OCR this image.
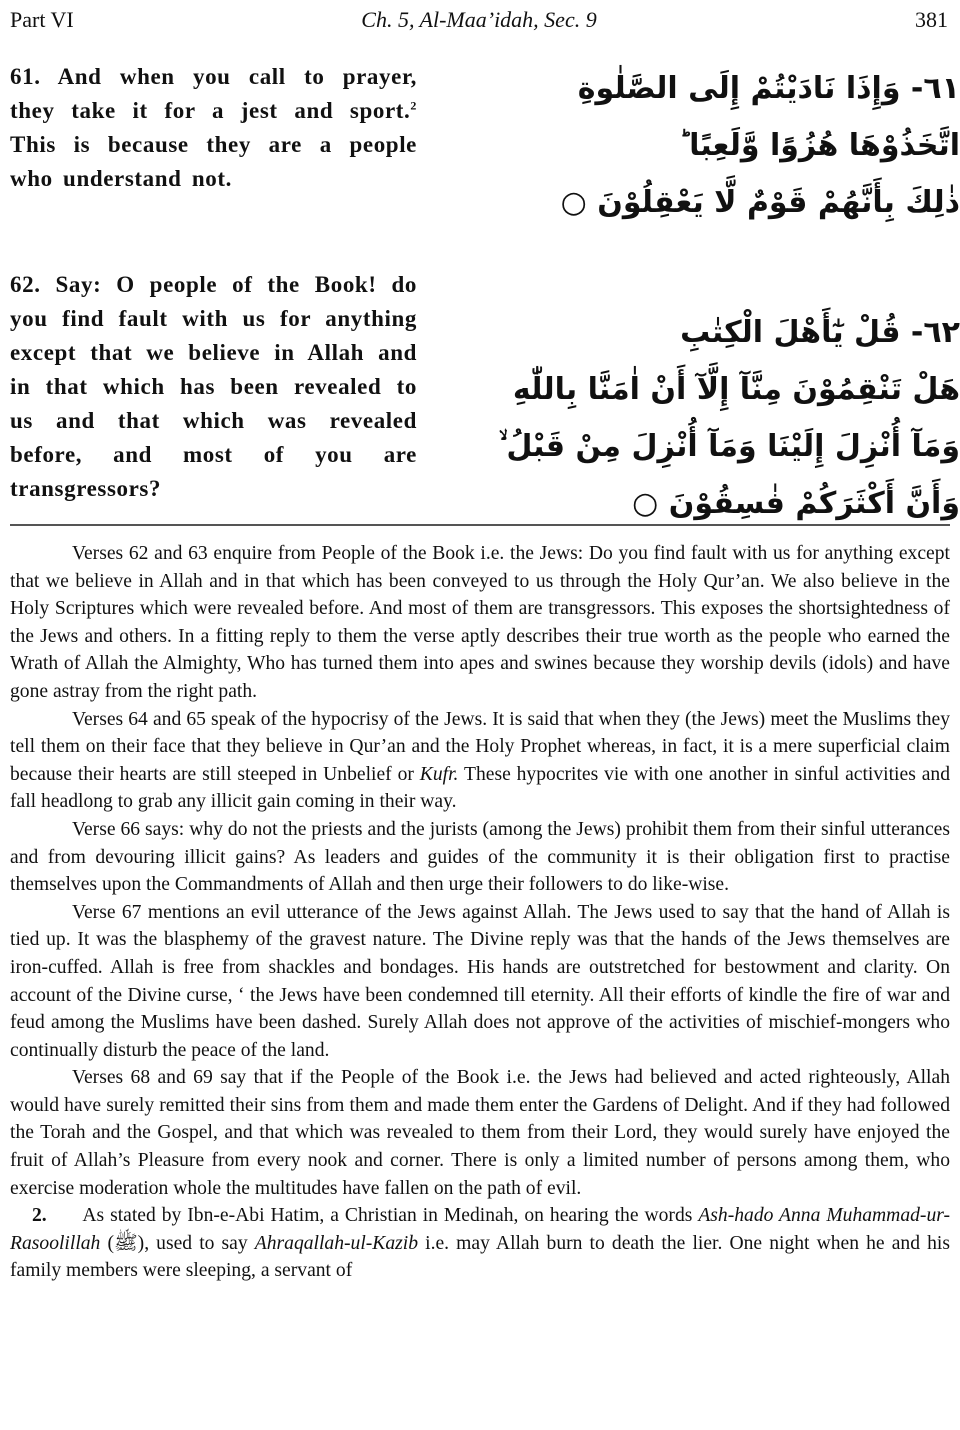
Part VI	Ch. 5, Al-Maa’idah, Sec. 9	381
61. And when you call to prayer, they take it for a jest and sport.$^2$ This is because they are a people who understand not.
٦١- وَإِذَا نَادَيْتُمْ إِلَى الصَّلٰوةِ
اتَّخَذُوْهَا هُزُوًا وَّلَعِبًا ؕ
ذٰلِكَ بِأَنَّهُمْ قَوْمٌ لَّا يَعْقِلُوْنَ ○
62. Say: O people of the Book! do you find fault with us for anything except that we believe in Allah and in that which has been revealed to us and that which was revealed before, and most of you are transgressors?
٦٢- قُلْ يٰٓأَهْلَ الْكِتٰبِ
هَلْ تَنْقِمُوْنَ مِنَّآ إِلَّآ أَنْ اٰمَنَّا بِاللّٰهِ
وَمَآ أُنْزِلَ إِلَيْنَا وَمَآ أُنْزِلَ مِنْ قَبْلُ ۙ
وَأَنَّ أَكْثَرَكُمْ فٰسِقُوْنَ ○

Verses 62 and 63 enquire from People of the Book i.e. the Jews: Do you find fault with us for anything except that we believe in Allah and in that which has been conveyed to us through the Holy Qur’an. We also believe in the Holy Scriptures which were revealed before. And most of them are transgressors. This exposes the shortsightedness of the Jews and others. In a fitting reply to them the verse aptly describes their true worth as the people who earned the Wrath of Allah the Almighty, Who has turned them into apes and swines because they worship devils (idols) and have gone astray from the right path.

Verses 64 and 65 speak of the hypocrisy of the Jews. It is said that when they (the Jews) meet the Muslims they tell them on their face that they believe in Qur’an and the Holy Prophet whereas, in fact, it is a mere superficial claim because their hearts are still steeped in Unbelief or Kufr. These hypocrites vie with one another in sinful activities and fall headlong to grab any illicit gain coming in their way.

Verse 66 says: why do not the priests and the jurists (among the Jews) prohibit them from their sinful utterances and from devouring illicit gains? As leaders and guides of the community it is their obligation first to practise themselves upon the Commandments of Allah and then urge their followers to do like-wise.

Verse 67 mentions an evil utterance of the Jews against Allah. The Jews used to say that the hand of Allah is tied up. It was the blasphemy of the gravest nature. The Divine reply was that the hands of the Jews themselves are iron-cuffed. Allah is free from shackles and bondages. His hands are outstretched for bestowment and clarity. On account of the Divine curse, ‘ the Jews have been condemned till eternity. All their efforts of kindle the fire of war and feud among the Muslims have been dashed. Surely Allah does not approve of the activities of mischief-mongers who continually disturb the peace of the land.

Verses 68 and 69 say that if the People of the Book i.e. the Jews had believed and acted righteously, Allah would have surely remitted their sins from them and made them enter the Gardens of Delight. And if they had followed the Torah and the Gospel, and that which was revealed to them from their Lord, they would surely have enjoyed the fruit of Allah’s Pleasure from every nook and corner. There is only a limited number of persons among them, who exercise moderation whole the multitudes have fallen on the path of evil.

2. As stated by Ibn-e-Abi Hatim, a Christian in Medinah, on hearing the words Ash-hado Anna Muhammad-ur-Rasoolillah (ﷺ), used to say Ahraqallah-ul-Kazib i.e. may Allah burn to death the lier. One night when he and his family members were sleeping, a servant of
